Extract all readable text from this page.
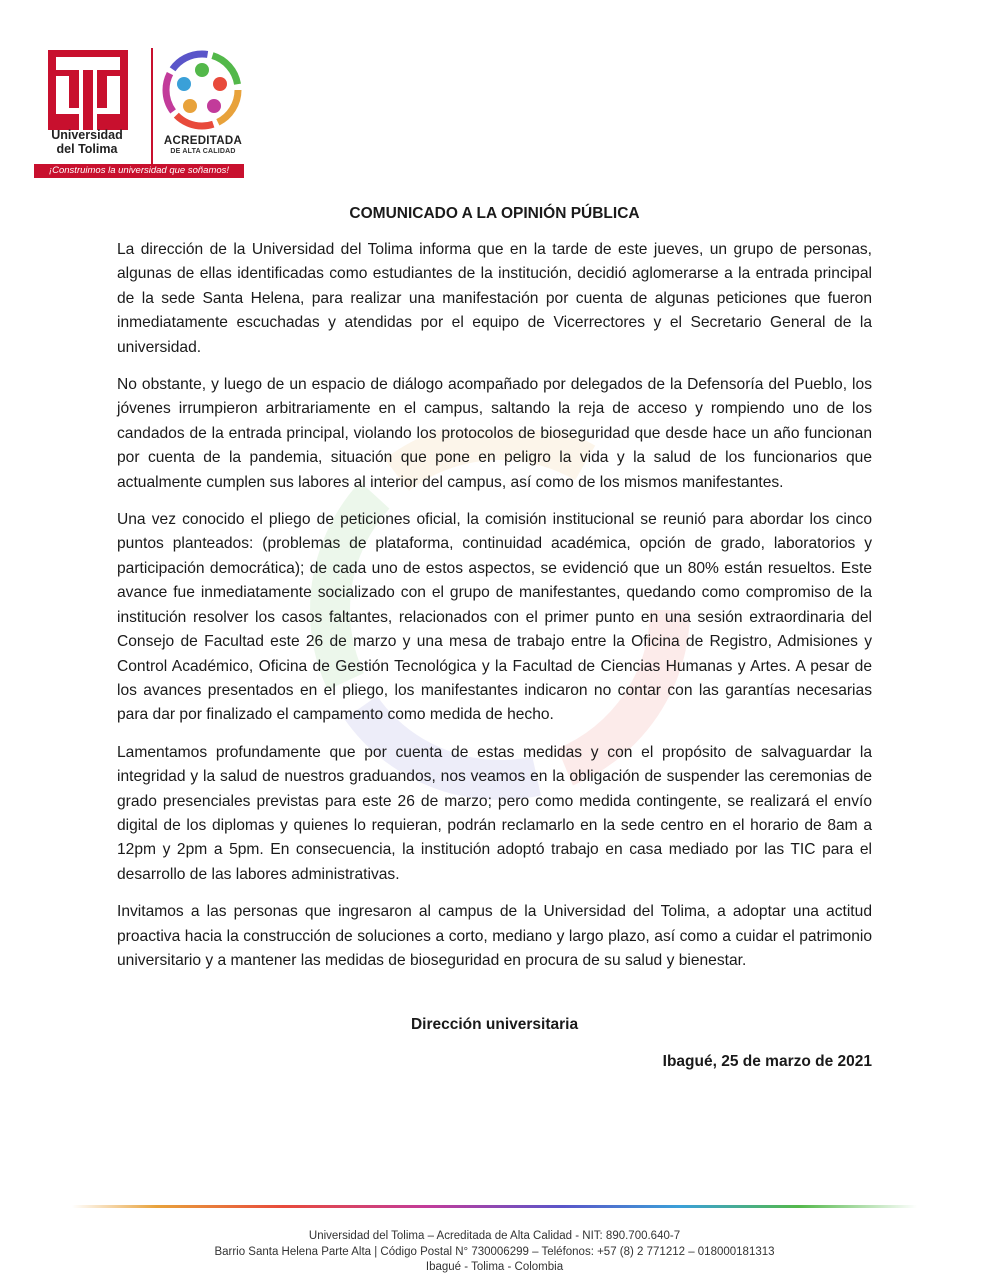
Universidad
del Tolima
ACREDITADA
DE ALTA CALIDAD
¡Construimos la universidad que soñamos!
COMUNICADO A LA OPINIÓN PÚBLICA

La dirección de la Universidad del Tolima informa que en la tarde de este jueves, un grupo de personas, algunas de ellas identificadas como estudiantes de la institución, decidió aglomerarse a la entrada principal de la sede Santa Helena, para realizar una manifestación por cuenta de algunas peticiones que fueron inmediatamente escuchadas y atendidas por el equipo de Vicerrectores y el Secretario General de la universidad.

No obstante, y luego de un espacio de diálogo acompañado por delegados de la Defensoría del Pueblo, los jóvenes irrumpieron arbitrariamente en el campus, saltando la reja de acceso y rompiendo uno de los candados de la entrada principal, violando los protocolos de bioseguridad que desde hace un año funcionan por cuenta de la pandemia, situación que pone en peligro la vida y la salud de los funcionarios que actualmente cumplen sus labores al interior del campus, así como de los mismos manifestantes.

Una vez conocido el pliego de peticiones oficial, la comisión institucional se reunió para abordar los cinco puntos planteados: (problemas de plataforma, continuidad académica, opción de grado, laboratorios y participación democrática); de cada uno de estos aspectos, se evidenció que un 80% están resueltos. Este avance fue inmediatamente socializado con el grupo de manifestantes, quedando como compromiso de la institución resolver los casos faltantes, relacionados con el primer punto en una sesión extraordinaria del Consejo de Facultad este 26 de marzo y una mesa de trabajo entre la Oficina de Registro, Admisiones y Control Académico, Oficina de Gestión Tecnológica y la Facultad de Ciencias Humanas y Artes. A pesar de los avances presentados en el pliego, los manifestantes indicaron no contar con las garantías necesarias para dar por finalizado el campamento como medida de hecho.

Lamentamos profundamente que por cuenta de estas medidas y con el propósito de salvaguardar la integridad y la salud de nuestros graduandos, nos veamos en la obligación de suspender las ceremonias de grado presenciales previstas para este 26 de marzo; pero como medida contingente, se realizará el envío digital de los diplomas y quienes lo requieran, podrán reclamarlo en la sede centro en el horario de 8am a 12pm y 2pm a 5pm. En consecuencia, la institución adoptó trabajo en casa mediado por las TIC para el desarrollo de las labores administrativas.

Invitamos a las personas que ingresaron al campus de la Universidad del Tolima, a adoptar una actitud proactiva hacia la construcción de soluciones a corto, mediano y largo plazo, así como a cuidar el patrimonio universitario y a mantener las medidas de bioseguridad en procura de su salud y bienestar.

Dirección universitaria
Ibagué, 25 de marzo de 2021
Universidad del Tolima – Acreditada de Alta Calidad - NIT: 890.700.640-7
Barrio Santa Helena Parte Alta | Código Postal N° 730006299 – Teléfonos: +57 (8) 2 771212 – 018000181313
Ibagué - Tolima - Colombia
